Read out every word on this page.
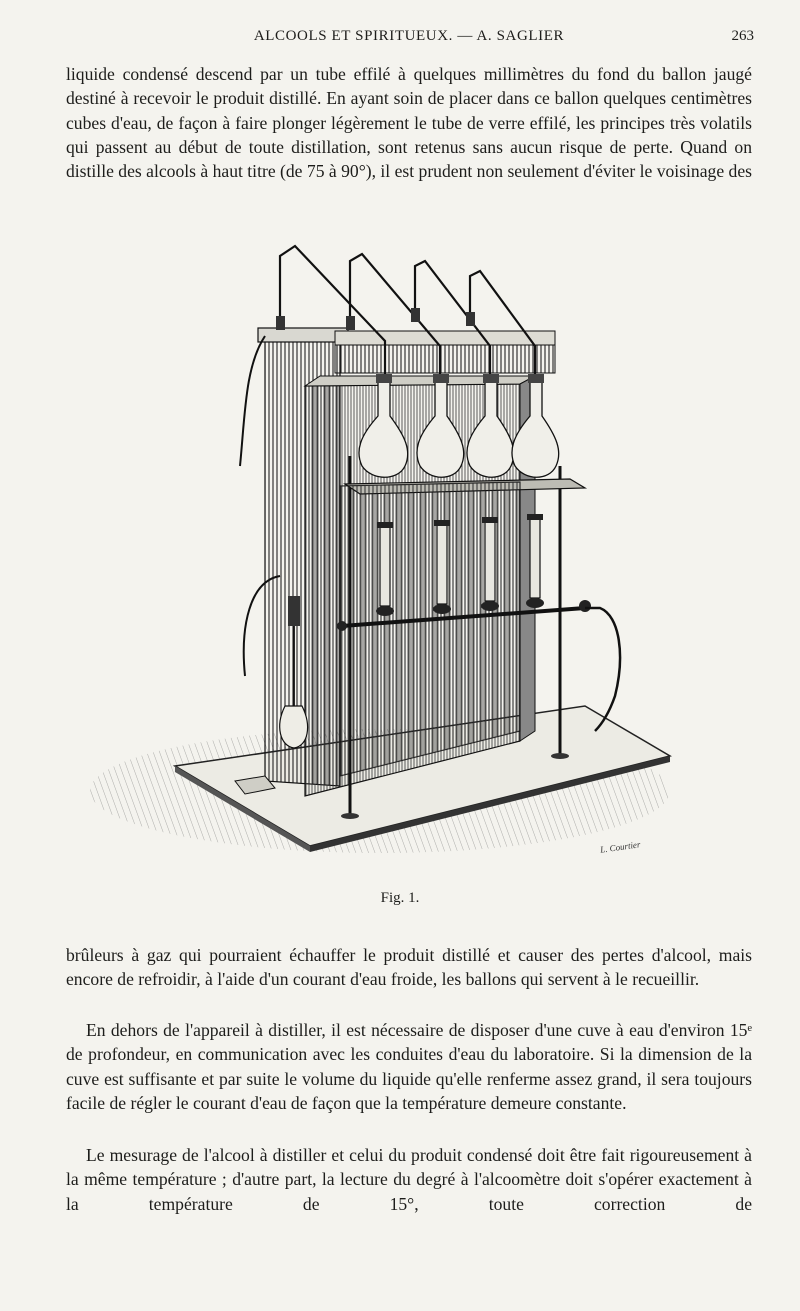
ALCOOLS ET SPIRITUEUX. — A. SAGLIER	263

liquide condensé descend par un tube effilé à quelques millimètres du fond du ballon jaugé destiné à recevoir le produit distillé. En ayant soin de placer dans ce ballon quelques centimètres cubes d'eau, de façon à faire plonger légèrement le tube de verre effilé, les principes très volatils qui passent au début de toute distillation, sont retenus sans aucun risque de perte. Quand on distille des alcools à haut titre (de 75 à 90°), il est prudent non seulement d'éviter le voisinage des

L. Courtier
Fig. 1.

brûleurs à gaz qui pourraient échauffer le produit distillé et causer des pertes d'alcool, mais encore de refroidir, à l'aide d'un courant d'eau froide, les ballons qui servent à le recueillir.

En dehors de l'appareil à distiller, il est nécessaire de disposer d'une cuve à eau d'environ 15ᵉ de profondeur, en communication avec les conduites d'eau du laboratoire. Si la dimension de la cuve est suffisante et par suite le volume du liquide qu'elle renferme assez grand, il sera toujours facile de régler le courant d'eau de façon que la température demeure constante.

Le mesurage de l'alcool à distiller et celui du produit condensé doit être fait rigoureusement à la même température ; d'autre part, la lecture du degré à l'alcoomètre doit s'opérer exactement à la température de 15°, toute correction de
